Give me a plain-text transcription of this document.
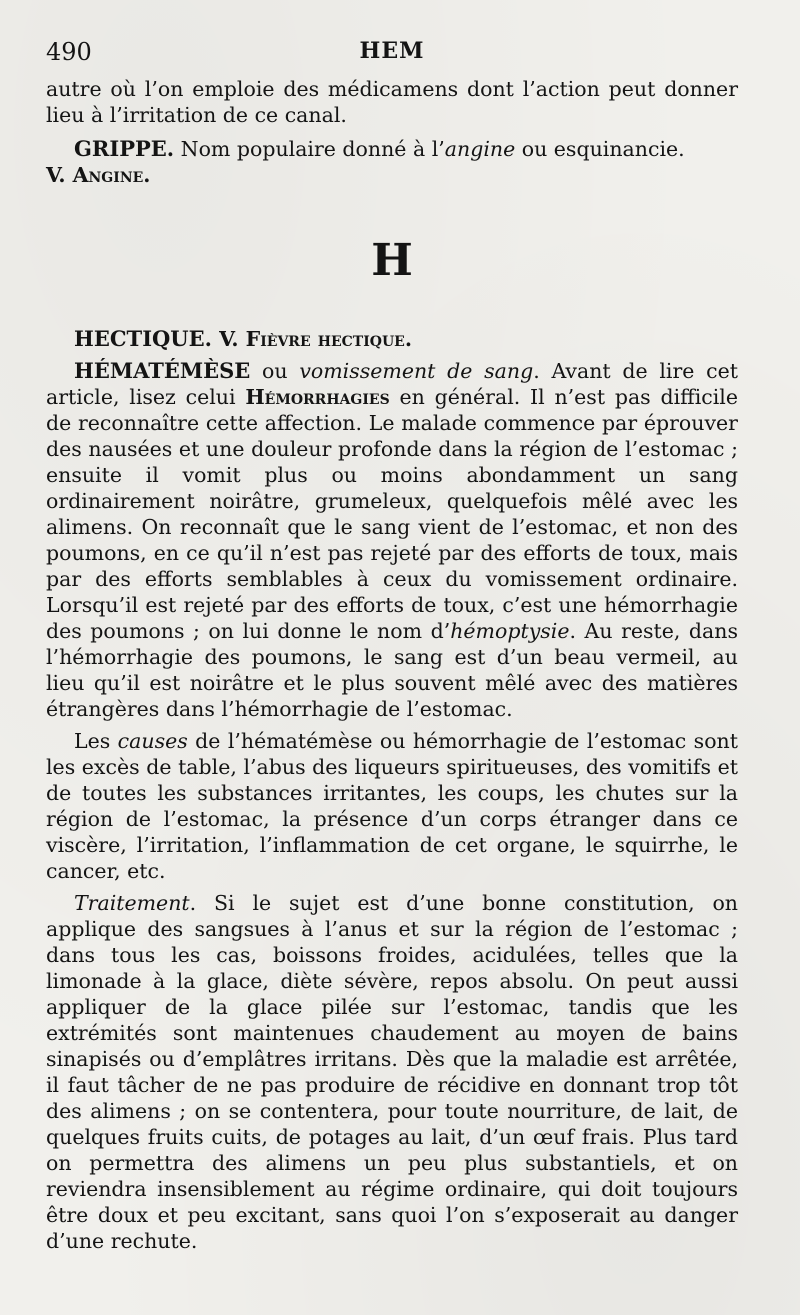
490	HEM

autre où l’on emploie des médicamens dont l’action peut donner lieu à l’irritation de ce canal.

GRIPPE. Nom populaire donné à l’angine ou esquinancie.

V. Angine.

H

HECTIQUE. V. Fièvre hectique.

HÉMATÉMÈSE ou vomissement de sang. Avant de lire cet article, lisez celui Hémorrhagies en général. Il n’est pas difficile de reconnaître cette affection. Le malade commence par éprouver des nausées et une douleur profonde dans la région de l’estomac ; ensuite il vomit plus ou moins abondamment un sang ordinairement noirâtre, grumeleux, quelquefois mêlé avec les alimens. On reconnaît que le sang vient de l’estomac, et non des poumons, en ce qu’il n’est pas rejeté par des efforts de toux, mais par des efforts semblables à ceux du vomissement ordinaire. Lorsqu’il est rejeté par des efforts de toux, c’est une hémorrhagie des poumons ; on lui donne le nom d’hémoptysie. Au reste, dans l’hémorrhagie des poumons, le sang est d’un beau vermeil, au lieu qu’il est noirâtre et le plus souvent mêlé avec des matières étrangères dans l’hémorrhagie de l’estomac.

Les causes de l’hématémèse ou hémorrhagie de l’estomac sont les excès de table, l’abus des liqueurs spiritueuses, des vomitifs et de toutes les substances irritantes, les coups, les chutes sur la région de l’estomac, la présence d’un corps étranger dans ce viscère, l’irritation, l’inflammation de cet organe, le squirrhe, le cancer, etc.

Traitement. Si le sujet est d’une bonne constitution, on applique des sangsues à l’anus et sur la région de l’estomac ; dans tous les cas, boissons froides, acidulées, telles que la limonade à la glace, diète sévère, repos absolu. On peut aussi appliquer de la glace pilée sur l’estomac, tandis que les extrémités sont maintenues chaudement au moyen de bains sinapisés ou d’emplâtres irritans. Dès que la maladie est arrêtée, il faut tâcher de ne pas produire de récidive en donnant trop tôt des alimens ; on se contentera, pour toute nourriture, de lait, de quelques fruits cuits, de potages au lait, d’un œuf frais. Plus tard on permettra des alimens un peu plus substantiels, et on reviendra insensiblement au régime ordinaire, qui doit toujours être doux et peu excitant, sans quoi l’on s’exposerait au danger d’une rechute.
